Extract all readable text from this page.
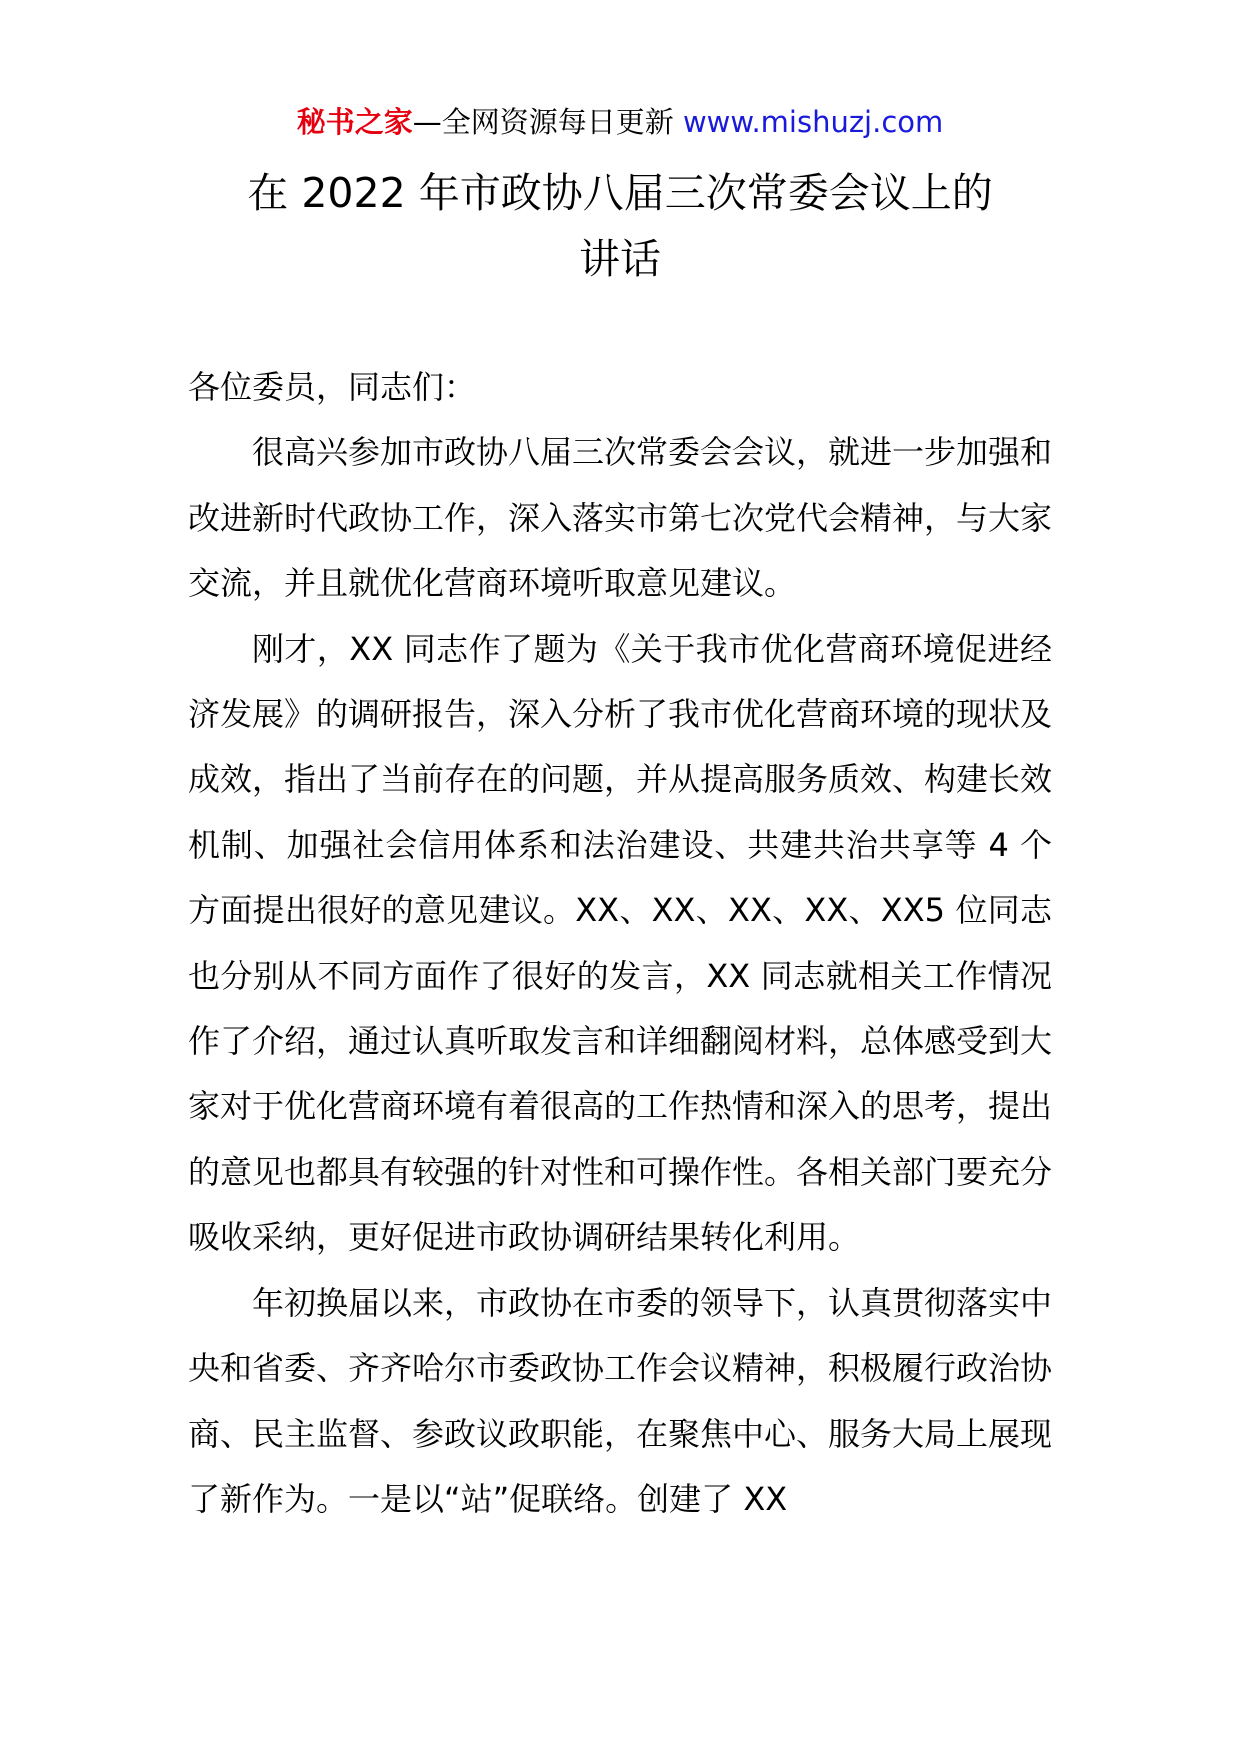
秘书之家—全网资源每日更新 www.mishuzj.com
在 2022 年市政协八届三次常委会议上的
讲话

各位委员，同志们：

很高兴参加市政协八届三次常委会会议，就进一步加强和改进新时代政协工作，深入落实市第七次党代会精神，与大家交流，并且就优化营商环境听取意见建议。

刚才，XX 同志作了题为《关于我市优化营商环境促进经济发展》的调研报告，深入分析了我市优化营商环境的现状及成效，指出了当前存在的问题，并从提高服务质效、构建长效机制、加强社会信用体系和法治建设、共建共治共享等 4 个方面提出很好的意见建议。XX、XX、XX、XX、XX5 位同志也分别从不同方面作了很好的发言，XX 同志就相关工作情况作了介绍，通过认真听取发言和详细翻阅材料，总体感受到大家对于优化营商环境有着很高的工作热情和深入的思考，提出的意见也都具有较强的针对性和可操作性。各相关部门要充分吸收采纳，更好促进市政协调研结果转化利用。

年初换届以来，市政协在市委的领导下，认真贯彻落实中央和省委、齐齐哈尔市委政协工作会议精神，积极履行政治协商、民主监督、参政议政职能，在聚焦中心、服务大局上展现了新作为。一是以“站”促联络。创建了 XX
